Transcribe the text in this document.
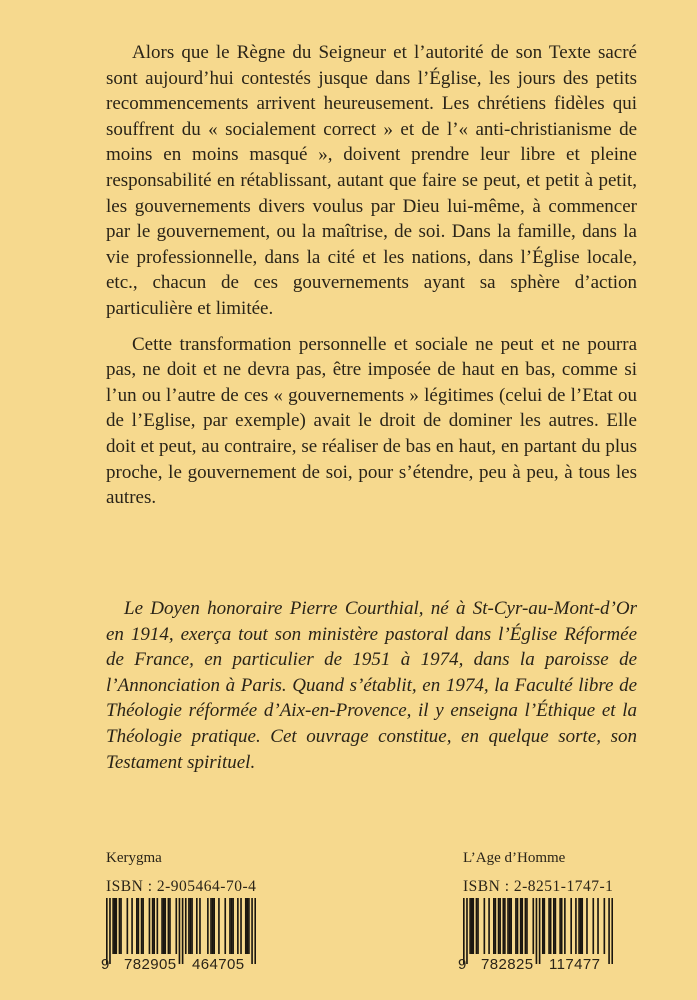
Alors que le Règne du Seigneur et l’autorité de son Texte sacré sont aujourd’hui contestés jusque dans l’Église, les jours des petits recommencements arrivent heureusement. Les chrétiens fidèles qui souffrent du « socialement correct » et de l’« anti-christianisme de moins en moins masqué », doivent prendre leur libre et pleine responsabilité en rétablissant, autant que faire se peut, et petit à petit, les gouvernements divers voulus par Dieu lui-même, à commencer par le gouvernement, ou la maîtrise, de soi. Dans la famille, dans la vie professionnelle, dans la cité et les nations, dans l’Église locale, etc., chacun de ces gouvernements ayant sa sphère d’action particulière et limitée.

Cette transformation personnelle et sociale ne peut et ne pourra pas, ne doit et ne devra pas, être imposée de haut en bas, comme si l’un ou l’autre de ces « gouvernements » légitimes (celui de l’Etat ou de l’Eglise, par exemple) avait le droit de dominer les autres. Elle doit et peut, au contraire, se réaliser de bas en haut, en partant du plus proche, le gouvernement de soi, pour s’étendre, peu à peu, à tous les autres.

Le Doyen honoraire Pierre Courthial, né à St-Cyr-au-Mont-d’Or en 1914, exerça tout son ministère pastoral dans l’Église Réformée de France, en particulier de 1951 à 1974, dans la paroisse de l’Annonciation à Paris. Quand s’établit, en 1974, la Faculté libre de Théologie réformée d’Aix-en-Provence, il y enseigna l’Éthique et la Théologie pratique. Cet ouvrage constitue, en quelque sorte, son Testament spirituel.
Kerygma
ISBN : 2-905464-70-4
9 782905 464705
L’Age d’Homme
ISBN : 2-8251-1747-1
9 782825 117477
